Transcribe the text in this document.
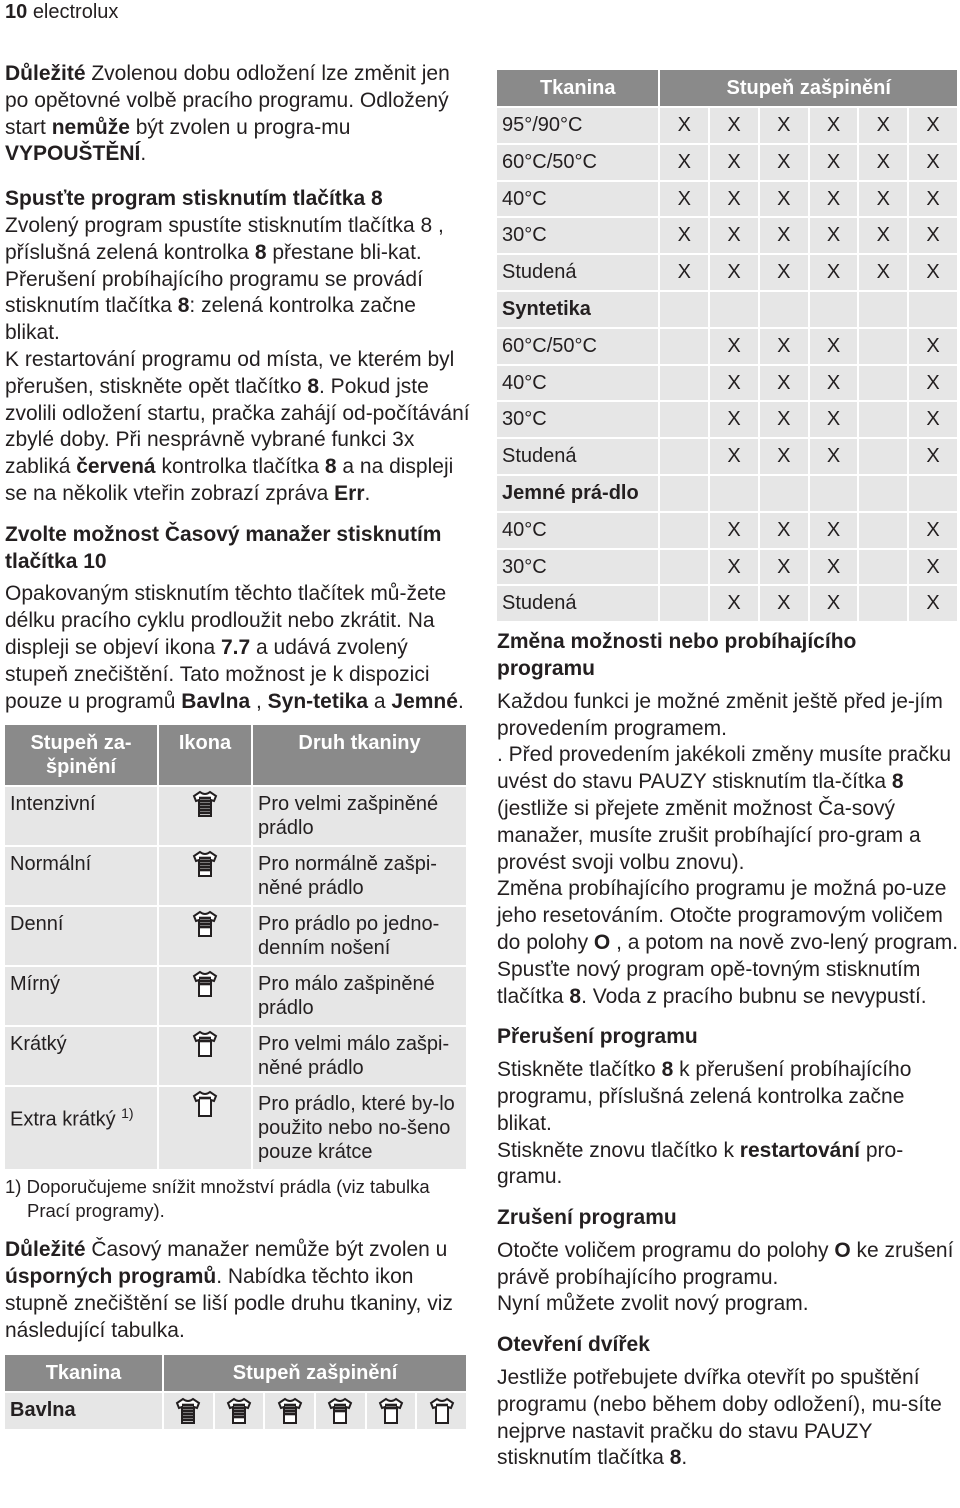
10 electrolux

Důležité Zvolenou dobu odložení lze změnit jen po opětovné volbě pracího programu. Odložený start nemůže být zvolen u progra-mu VYPOUŠTĚNÍ.

Spusťte program stisknutím tlačítka 8

Zvolený program spustíte stisknutím tlačítka 8 , příslušná zelená kontrolka 8 přestane bli-kat.

Přerušení probíhajícího programu se provádí stisknutím tlačítka 8: zelená kontrolka začne blikat.

K restartování programu od místa, ve kterém byl přerušen, stiskněte opět tlačítko 8. Pokud jste zvolili odložení startu, pračka zahájí od-počítávání zbylé doby. Při nesprávně vybrané funkci 3x zabliká červená kontrolka tlačítka 8 a na displeji se na několik vteřin zobrazí zpráva Err.

Zvolte možnost Časový manažer stisknutím tlačítka 10

Opakovaným stisknutím těchto tlačítek mů-žete délku pracího cyklu prodloužit nebo zkrátit. Na displeji se objeví ikona 7.7 a udává zvolený stupeň znečištění. Tato možnost je k dispozici pouze u programů Bavlna , Syn-tetika a Jemné.

Stupeň za-špinění	Ikona	Druh tkaniny
Intenzivní		Pro velmi zašpiněné prádlo
Normální		Pro normálně zašpi-něné prádlo
Denní		Pro prádlo po jedno-denním nošení
Mírný		Pro málo zašpiněné prádlo
Krátký		Pro velmi málo zašpi-něné prádlo
Extra krátký $^{1)}$		Pro prádlo, které by-lo použito nebo no-šeno pouze krátce

1) Doporučujeme snížit množství prádla (viz tabulka Prací programy).

Důležité Časový manažer nemůže být zvolen u úsporných programů. Nabídka těchto ikon stupně znečištění se liší podle druhu tkaniny, viz následující tabulka.

Tkanina	Stupeň zašpinění					
Bavlna						
Tkanina	Stupeň zašpinění					
95°/90°C	X	X	X	X	X	X
60°C/50°C	X	X	X	X	X	X
40°C	X	X	X	X	X	X
30°C	X	X	X	X	X	X
Studená	X	X	X	X	X	X
Syntetika						
60°C/50°C		X	X	X		X
40°C		X	X	X		X
30°C		X	X	X		X
Studená		X	X	X		X
Jemné prá-dlo						
40°C		X	X	X		X
30°C		X	X	X		X
Studená		X	X	X		X

Změna možnosti nebo probíhajícího programu

Každou funkci je možné změnit ještě před je-jím provedením programem.

. Před provedením jakékoli změny musíte pračku uvést do stavu PAUZY stisknutím tla-čítka 8 (jestliže si přejete změnit možnost Ča-sový manažer, musíte zrušit probíhající pro-gram a provést svoji volbu znovu).

Změna probíhajícího programu je možná po-uze jeho resetováním. Otočte programovým voličem do polohy O , a potom na nově zvo-lený program. Spusťte nový program opě-tovným stisknutím tlačítka 8. Voda z pracího bubnu se nevypustí.

Přerušení programu

Stiskněte tlačítko 8 k přerušení probíhajícího programu, příslušná zelená kontrolka začne blikat.

Stiskněte znovu tlačítko k restartování pro-gramu.

Zrušení programu

Otočte voličem programu do polohy O ke zrušení právě probíhajícího programu.

Nyní můžete zvolit nový program.

Otevření dvířek

Jestliže potřebujete dvířka otevřít po spuštění programu (nebo během doby odložení), mu-síte nejprve nastavit pračku do stavu PAUZY stisknutím tlačítka 8.
